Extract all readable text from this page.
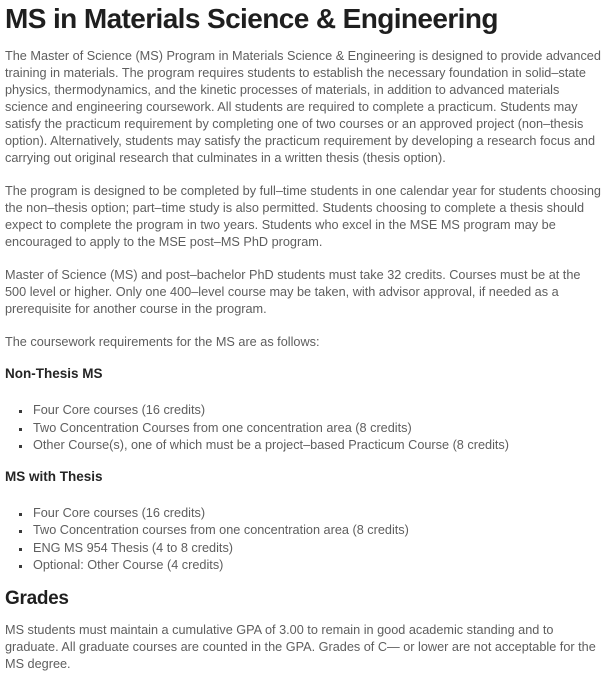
MS in Materials Science & Engineering

The Master of Science (MS) Program in Materials Science & Engineering is designed to provide advanced training in materials. The program requires students to establish the necessary foundation in solid–state physics, thermodynamics, and the kinetic processes of materials, in addition to advanced materials science and engineering coursework. All students are required to complete a practicum. Students may satisfy the practicum requirement by completing one of two courses or an approved project (non–thesis option). Alternatively, students may satisfy the practicum requirement by developing a research focus and carrying out original research that culminates in a written thesis (thesis option).

The program is designed to be completed by full–time students in one calendar year for students choosing the non–thesis option; part–time study is also permitted. Students choosing to complete a thesis should expect to complete the program in two years. Students who excel in the MSE MS program may be encouraged to apply to the MSE post–MS PhD program.

Master of Science (MS) and post–bachelor PhD students must take 32 credits. Courses must be at the 500 level or higher. Only one 400–level course may be taken, with advisor approval, if needed as a prerequisite for another course in the program.

The coursework requirements for the MS are as follows:

Non-Thesis MS
▪ Four Core courses (16 credits)
▪ Two Concentration Courses from one concentration area (8 credits)
▪ Other Course(s), one of which must be a project–based Practicum Course (8 credits)
MS with Thesis
▪ Four Core courses (16 credits)
▪ Two Concentration courses from one concentration area (8 credits)
▪ ENG MS 954 Thesis (4 to 8 credits)
▪ Optional: Other Course (4 credits)
Grades

MS students must maintain a cumulative GPA of 3.00 to remain in good academic standing and to graduate. All graduate courses are counted in the GPA. Grades of C— or lower are not acceptable for the MS degree.
